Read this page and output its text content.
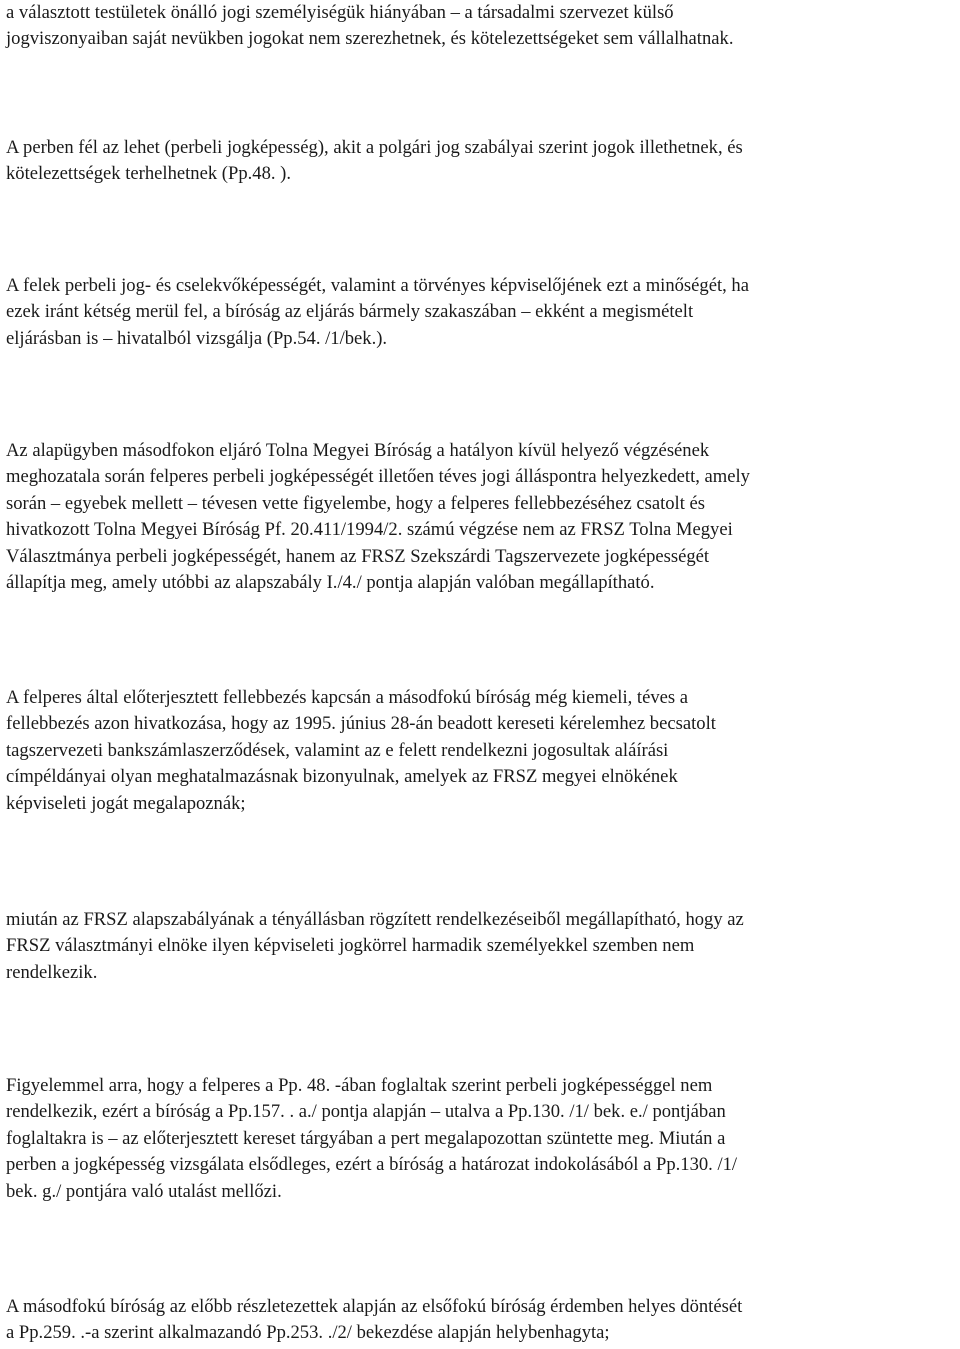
a választott testületek önálló jogi személyiségük hiányában – a társadalmi szervezet külső
jogviszonyaiban saját nevükben jogokat nem szerezhetnek, és kötelezettségeket sem vállalhatnak.

A perben fél az lehet (perbeli jogképesség), akit a polgári jog szabályai szerint jogok illethetnek, és
kötelezettségek terhelhetnek (Pp.48. ).

A felek perbeli jog- és cselekvőképességét, valamint a törvényes képviselőjének ezt a minőségét, ha
ezek iránt kétség merül fel, a bíróság az eljárás bármely szakaszában – ekként a megismételt
eljárásban is – hivatalból vizsgálja (Pp.54. /1/bek.).

Az alapügyben másodfokon eljáró Tolna Megyei Bíróság a hatályon kívül helyező végzésének
meghozatala során felperes perbeli jogképességét illetően téves jogi álláspontra helyezkedett, amely
során – egyebek mellett – tévesen vette figyelembe, hogy a felperes fellebbezéséhez csatolt és
hivatkozott Tolna Megyei Bíróság Pf. 20.411/1994/2. számú végzése nem az FRSZ Tolna Megyei
Választmánya perbeli jogképességét, hanem az FRSZ Szekszárdi Tagszervezete jogképességét
állapítja meg, amely utóbbi az alapszabály I./4./ pontja alapján valóban megállapítható.

A felperes által előterjesztett fellebbezés kapcsán a másodfokú bíróság még kiemeli, téves a
fellebbezés azon hivatkozása, hogy az 1995. június 28-án beadott kereseti kérelemhez becsatolt
tagszervezeti bankszámlaszerződések, valamint az e felett rendelkezni jogosultak aláírási
címpéldányai olyan meghatalmazásnak bizonyulnak, amelyek az FRSZ megyei elnökének
képviseleti jogát megalapoznák;

miután az FRSZ alapszabályának a tényállásban rögzített rendelkezéseiből megállapítható, hogy az
FRSZ választmányi elnöke ilyen képviseleti jogkörrel harmadik személyekkel szemben nem
rendelkezik.

Figyelemmel arra, hogy a felperes a Pp. 48. -ában foglaltak szerint perbeli jogképességgel nem
rendelkezik, ezért a bíróság a Pp.157. . a./ pontja alapján – utalva a Pp.130. /1/ bek. e./ pontjában
foglaltakra is – az előterjesztett kereset tárgyában a pert megalapozottan szüntette meg. Miután a
perben a jogképesség vizsgálata elsődleges, ezért a bíróság a határozat indokolásából a Pp.130. /1/
bek. g./ pontjára való utalást mellőzi.

A másodfokú bíróság az előbb részletezettek alapján az elsőfokú bíróság érdemben helyes döntését
a Pp.259. .-a szerint alkalmazandó Pp.253. ./2/ bekezdése alapján helybenhagyta;
